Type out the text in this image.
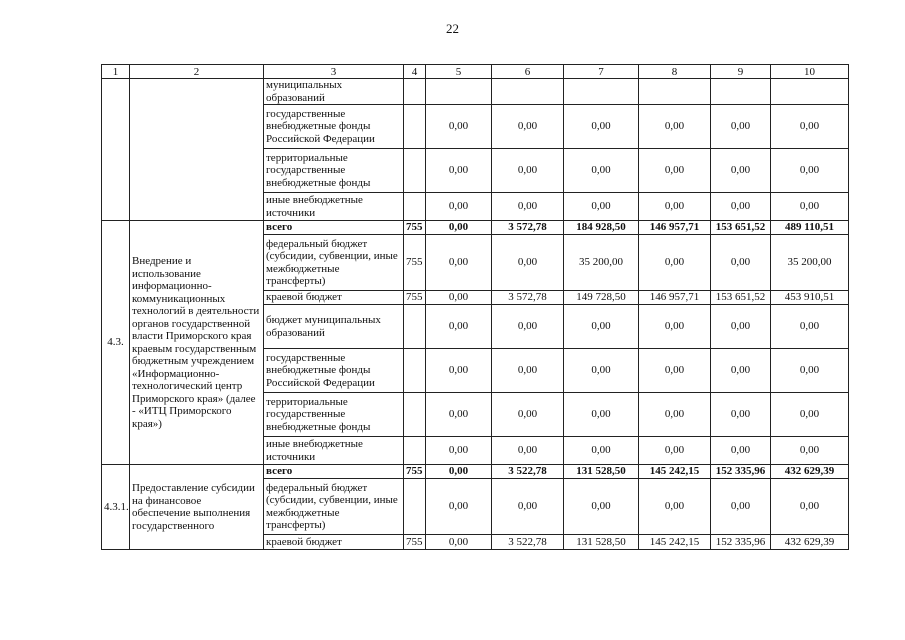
22
1	2	3	4	5	6	7	8	9	10
		муниципальных образований							
		государственные внебюджетные фонды Российской Федерации		0,00	0,00	0,00	0,00	0,00	0,00
		территориальные государственные внебюджетные фонды		0,00	0,00	0,00	0,00	0,00	0,00
		иные внебюджетные источники		0,00	0,00	0,00	0,00	0,00	0,00
4.3.	Внедрение и использование информационно-коммуникационных технологий в деятельности органов государственной власти Приморского края краевым государственным бюджетным учреждением «Информационно-технологический центр Приморского края» (далее - «ИТЦ Приморского края»)	всего	755	0,00	3 572,78	184 928,50	146 957,71	153 651,52	489 110,51
		федеральный бюджет (субсидии, субвенции, иные межбюджетные трансферты)	755	0,00	0,00	35 200,00	0,00	0,00	35 200,00
		краевой бюджет	755	0,00	3 572,78	149 728,50	146 957,71	153 651,52	453 910,51
		бюджет муниципальных образований		0,00	0,00	0,00	0,00	0,00	0,00
		государственные внебюджетные фонды Российской Федерации		0,00	0,00	0,00	0,00	0,00	0,00
		территориальные государственные внебюджетные фонды		0,00	0,00	0,00	0,00	0,00	0,00
		иные внебюджетные источники		0,00	0,00	0,00	0,00	0,00	0,00
4.3.1.	Предоставление субсидии на финансовое обеспечение выполнения государственного	всего	755	0,00	3 522,78	131 528,50	145 242,15	152 335,96	432 629,39
		федеральный бюджет (субсидии, субвенции, иные межбюджетные трансферты)		0,00	0,00	0,00	0,00	0,00	0,00
		краевой бюджет	755	0,00	3 522,78	131 528,50	145 242,15	152 335,96	432 629,39
